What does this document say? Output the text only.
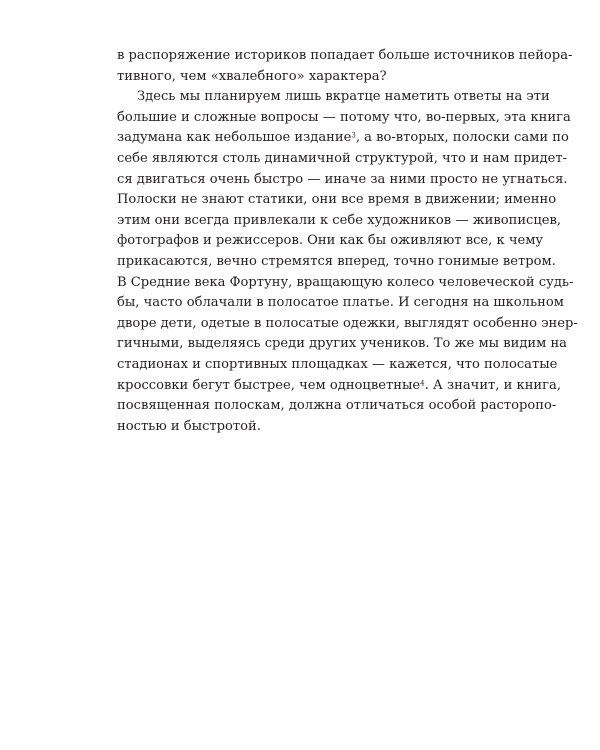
в распоряжение историков попадает больше источников пейора-
тивного, чем «хвалебного» характера?
Здесь мы планируем лишь вкратце наметить ответы на эти
большие и сложные вопросы — потому что, во-первых, эта книга
задумана как небольшое издание$^3$, а во-вторых, полоски сами по
себе являются столь динамичной структурой, что и нам придет-
ся двигаться очень быстро — иначе за ними просто не угнаться.
Полоски не знают статики, они все время в движении; именно
этим они всегда привлекали к себе художников — живописцев,
фотографов и режиссеров. Они как бы оживляют все, к чему
прикасаются, вечно стремятся вперед, точно гонимые ветром.
В Средние века Фортуну, вращающую колесо человеческой судь-
бы, часто облачали в полосатое платье. И сегодня на школьном
дворе дети, одетые в полосатые одежки, выглядят особенно энер-
гичными, выделяясь среди других учеников. То же мы видим на
стадионах и спортивных площадках — кажется, что полосатые
кроссовки бегут быстрее, чем одноцветные$^4$. А значит, и книга,
посвященная полоскам, должна отличаться особой расторопо-
ностью и быстротой.
